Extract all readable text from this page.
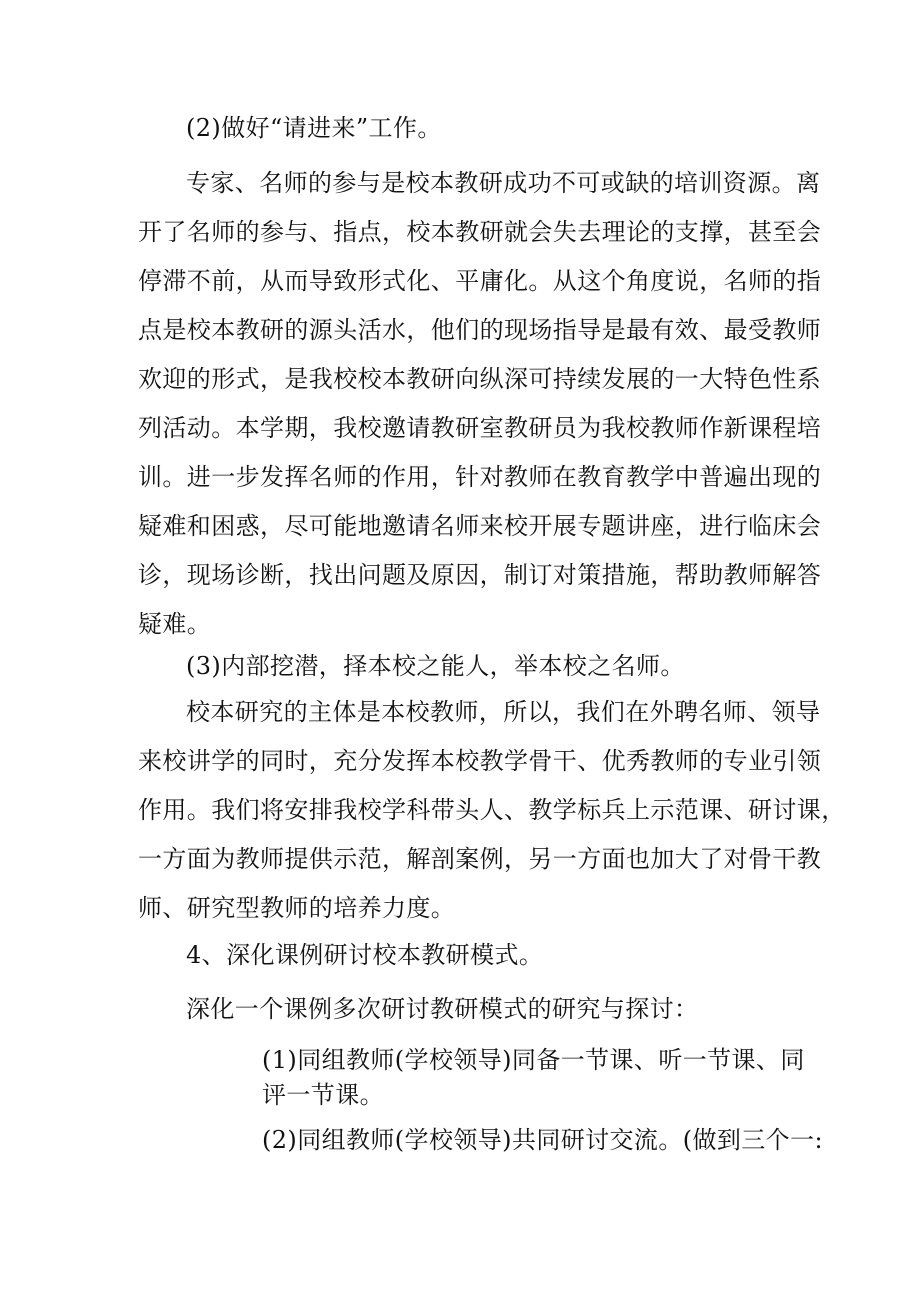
(2)做好“请进来”工作。
专家、名师的参与是校本教研成功不可或缺的培训资源。离
开了名师的参与、指点，校本教研就会失去理论的支撑，甚至会
停滞不前，从而导致形式化、平庸化。从这个角度说，名师的指
点是校本教研的源头活水，他们的现场指导是最有效、最受教师
欢迎的形式，是我校校本教研向纵深可持续发展的一大特色性系
列活动。本学期，我校邀请教研室教研员为我校教师作新课程培
训。进一步发挥名师的作用，针对教师在教育教学中普遍出现的
疑难和困惑，尽可能地邀请名师来校开展专题讲座，进行临床会
诊，现场诊断，找出问题及原因，制订对策措施，帮助教师解答
疑难。
(3)内部挖潜，择本校之能人，举本校之名师。
校本研究的主体是本校教师，所以，我们在外聘名师、领导
来校讲学的同时，充分发挥本校教学骨干、优秀教师的专业引领
作用。我们将安排我校学科带头人、教学标兵上示范课、研讨课，
一方面为教师提供示范，解剖案例，另一方面也加大了对骨干教
师、研究型教师的培养力度。
4、深化课例研讨校本教研模式。
深化一个课例多次研讨教研模式的研究与探讨：
(1)同组教师(学校领导)同备一节课、听一节课、同
评一节课。
(2)同组教师(学校领导)共同研讨交流。(做到三个一:
